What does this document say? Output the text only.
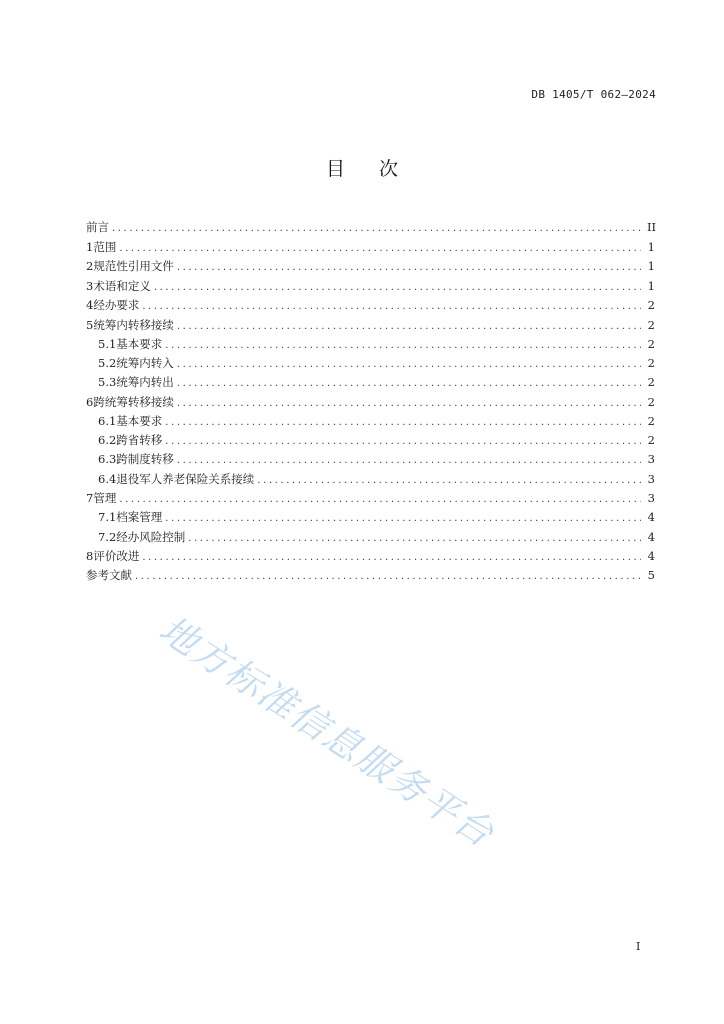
DB 1405/T 062—2024
目 次
前言 .....	II
1 范围 .....	1
2 规范性引用文件 .....	1
3 术语和定义 .....	1
4 经办要求 .....	2
5 统筹内转移接续 .....	2
5.1 基本要求 .....	2
5.2 统筹内转入 .....	2
5.3 统筹内转出 .....	2
6 跨统筹转移接续 .....	2
6.1 基本要求 .....	2
6.2 跨省转移 .....	2
6.3 跨制度转移 .....	3
6.4 退役军人养老保险关系接续 .....	3
7 管理 .....	3
7.1 档案管理 .....	4
7.2 经办风险控制 .....	4
8 评价改进 .....	4
参考文献 .....	5
地方标准信息服务平台
I
